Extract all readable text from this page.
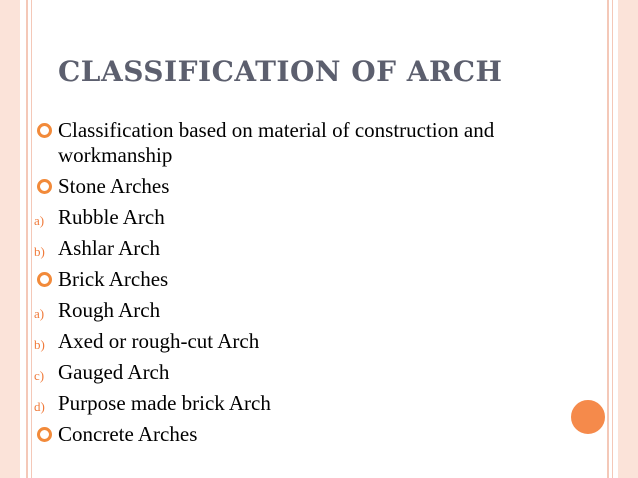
CLASSIFICATION OF ARCH
Classification based on material of construction and workmanship
Stone Arches
a) Rubble Arch
b) Ashlar Arch
Brick Arches
a) Rough Arch
b) Axed or rough-cut Arch
c) Gauged Arch
d) Purpose made brick Arch
Concrete Arches
